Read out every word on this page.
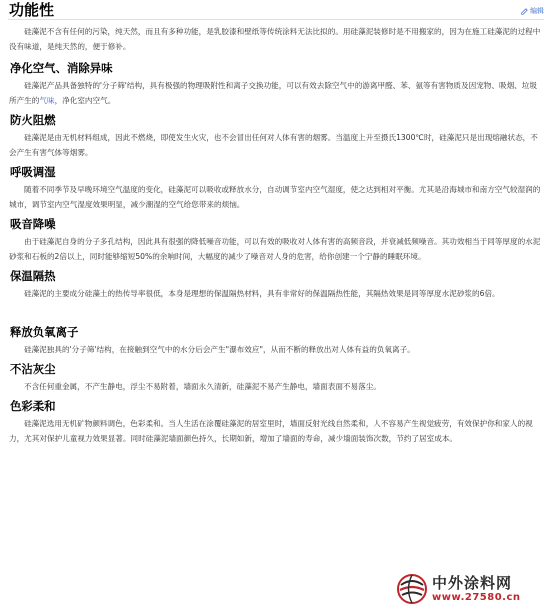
功能性	编辑

硅藻泥不含有任何的污染，纯天然，而且有多种功能，是乳胶漆和壁纸等传统涂料无法比拟的。用硅藻泥装修时是不用搬家的，因为在施工硅藻泥的过程中没有味道，是纯天然的，便于修补。

净化空气、消除异味

硅藻泥产品具备独特的'分子筛'结构，具有极强的物理吸附性和离子交换功能，可以有效去除空气中的游离甲醛、苯、氨等有害物质及因宠物、吸烟、垃圾所产生的气味，净化室内空气。

防火阻燃

硅藻泥是由无机材料组成，因此不燃烧，即使发生火灾，也不会冒出任何对人体有害的烟雾。当温度上升至摄氏1300℃时，硅藻泥只是出现熔融状态，不会产生有害气体等烟雾。

呼吸调湿

随着不同季节及早晚环境空气温度的变化，硅藻泥可以吸收或释放水分，自动调节室内空气湿度，使之达到相对平衡。尤其是沿海城市和南方空气较湿润的城市，调节室内空气湿度效果明显，减少潮湿的空气给您带来的烦恼。

吸音降噪

由于硅藻泥自身的分子多孔结构，因此具有很强的降低噪音功能，可以有效的吸收对人体有害的高频音段，并衰减低频噪音。其功效相当于同等厚度的水泥砂浆和石板的2倍以上，同时能够缩短50%的余响时间，大幅度的减少了噪音对人身的危害，给你创建一个宁静的睡眠环境。

保温隔热

硅藻泥的主要成分硅藻土的热传导率很低，本身是理想的保温隔热材料，具有非常好的保温隔热性能，其隔热效果是同等厚度水泥砂浆的6倍。

释放负氧离子

硅藻泥独具的'分子筛'结构，在接触到空气中的水分后会产生"瀑布效应"，从而不断的释放出对人体有益的负氧离子。

不沾灰尘

不含任何重金属，不产生静电，浮尘不易附着，墙面永久清新，硅藻泥不易产生静电，墙面表面不易落尘。

色彩柔和

硅藻泥选用无机矿物颜料调色，色彩柔和。当人生活在涂覆硅藻泥的居室里时，墙面反射光线自然柔和，人不容易产生视觉疲劳，有效保护你和家人的视力，尤其对保护儿童视力效果显著。同时硅藻泥墙面颜色持久，长期如新，增加了墙面的寿命，减少墙面装饰次数，节约了居室成本。

中外涂料网
www.27580.cn
